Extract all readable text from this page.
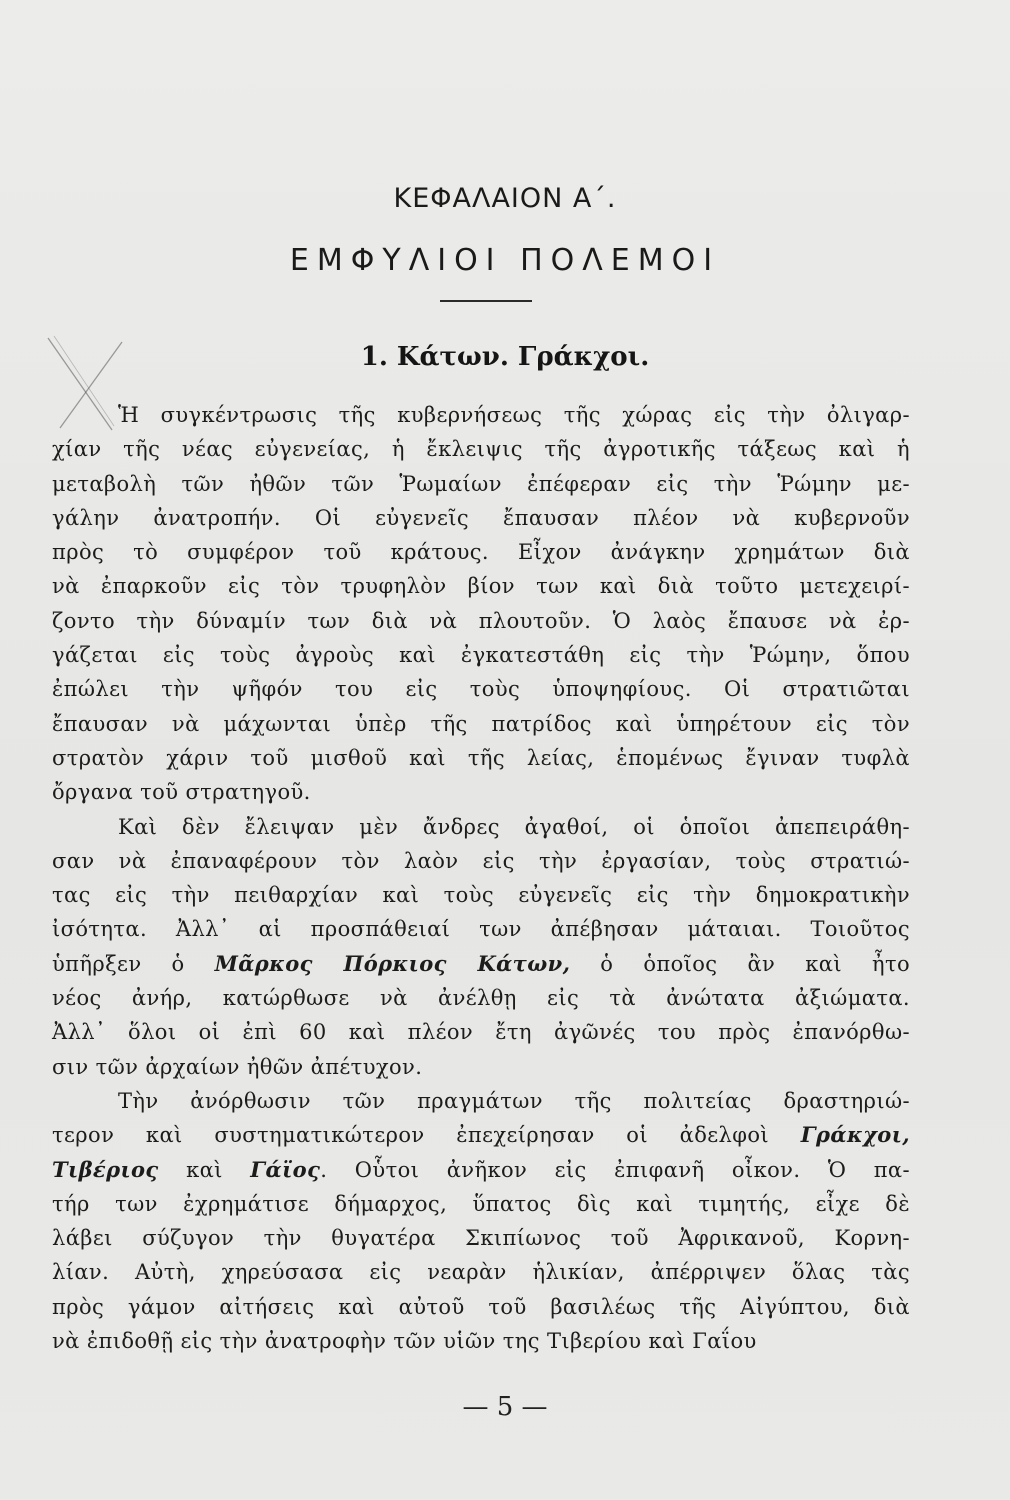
ΚΕΦΑΛΑΙΟΝ Α΄.
ΕΜΦΥΛΙΟΙ ΠΟΛΕΜΟΙ
1. Κάτων. Γράκχοι.
Ἡ συγκέντρωσις τῆς κυβερνήσεως τῆς χώρας εἰς τὴν ὀλιγαρ-
χίαν τῆς νέας εὐγενείας, ἡ ἔκλειψις τῆς ἀγροτικῆς τάξεως καὶ ἡ
μεταβολὴ τῶν ἠθῶν τῶν Ῥωμαίων ἐπέφεραν εἰς τὴν Ῥώμην με-
γάλην ἀνατροπήν. Οἱ εὐγενεῖς ἔπαυσαν πλέον νὰ κυβερνοῦν
πρὸς τὸ συμφέρον τοῦ κράτους. Εἶχον ἀνάγκην χρημάτων διὰ
νὰ ἐπαρκοῦν εἰς τὸν τρυφηλὸν βίον των καὶ διὰ τοῦτο μετεχειρί-
ζοντο τὴν δύναμίν των διὰ νὰ πλουτοῦν. Ὁ λαὸς ἔπαυσε νὰ ἐρ-
γάζεται εἰς τοὺς ἀγροὺς καὶ ἐγκατεστάθη εἰς τὴν Ῥώμην, ὅπου
ἐπώλει τὴν ψῆφόν του εἰς τοὺς ὑποψηφίους. Οἱ στρατιῶται
ἔπαυσαν νὰ μάχωνται ὑπὲρ τῆς πατρίδος καὶ ὑπηρέτουν εἰς τὸν
στρατὸν χάριν τοῦ μισθοῦ καὶ τῆς λείας, ἑπομένως ἔγιναν τυφλὰ
ὄργανα τοῦ στρατηγοῦ.
Καὶ δὲν ἔλειψαν μὲν ἄνδρες ἀγαθοί, οἱ ὁποῖοι ἀπεπειράθη-
σαν νὰ ἐπαναφέρουν τὸν λαὸν εἰς τὴν ἐργασίαν, τοὺς στρατιώ-
τας εἰς τὴν πειθαρχίαν καὶ τοὺς εὐγενεῖς εἰς τὴν δημοκρατικὴν
ἰσότητα. Ἀλλ᾽ αἱ προσπάθειαί των ἀπέβησαν μάταιαι. Τοιοῦτος
ὑπῆρξεν ὁ Μᾶρκος Πόρκιος Κάτων, ὁ ὁποῖος ἂν καὶ ἦτο
νέος ἀνήρ, κατώρθωσε νὰ ἀνέλθῃ εἰς τὰ ἀνώτατα ἀξιώματα.
Ἀλλ᾽ ὅλοι οἱ ἐπὶ 60 καὶ πλέον ἔτη ἀγῶνές του πρὸς ἐπανόρθω-
σιν τῶν ἀρχαίων ἠθῶν ἀπέτυχον.
Τὴν ἀνόρθωσιν τῶν πραγμάτων τῆς πολιτείας δραστηριώ-
τερον καὶ συστηματικώτερον ἐπεχείρησαν οἱ ἀδελφοὶ Γράκχοι,
Τιβέριος καὶ Γάϊος. Οὗτοι ἀνῆκον εἰς ἐπιφανῆ οἶκον. Ὁ πα-
τήρ των ἐχρημάτισε δήμαρχος, ὕπατος δὶς καὶ τιμητής, εἶχε δὲ
λάβει σύζυγον τὴν θυγατέρα Σκιπίωνος τοῦ Ἀφρικανοῦ, Κορνη-
λίαν. Αὐτὴ, χηρεύσασα εἰς νεαρὰν ἡλικίαν, ἀπέρριψεν ὅλας τὰς
πρὸς γάμον αἰτήσεις καὶ αὐτοῦ τοῦ βασιλέως τῆς Αἰγύπτου, διὰ
νὰ ἐπιδοθῇ εἰς τὴν ἀνατροφὴν τῶν υἱῶν της Τιβερίου καὶ Γαΐου
— 5 —
